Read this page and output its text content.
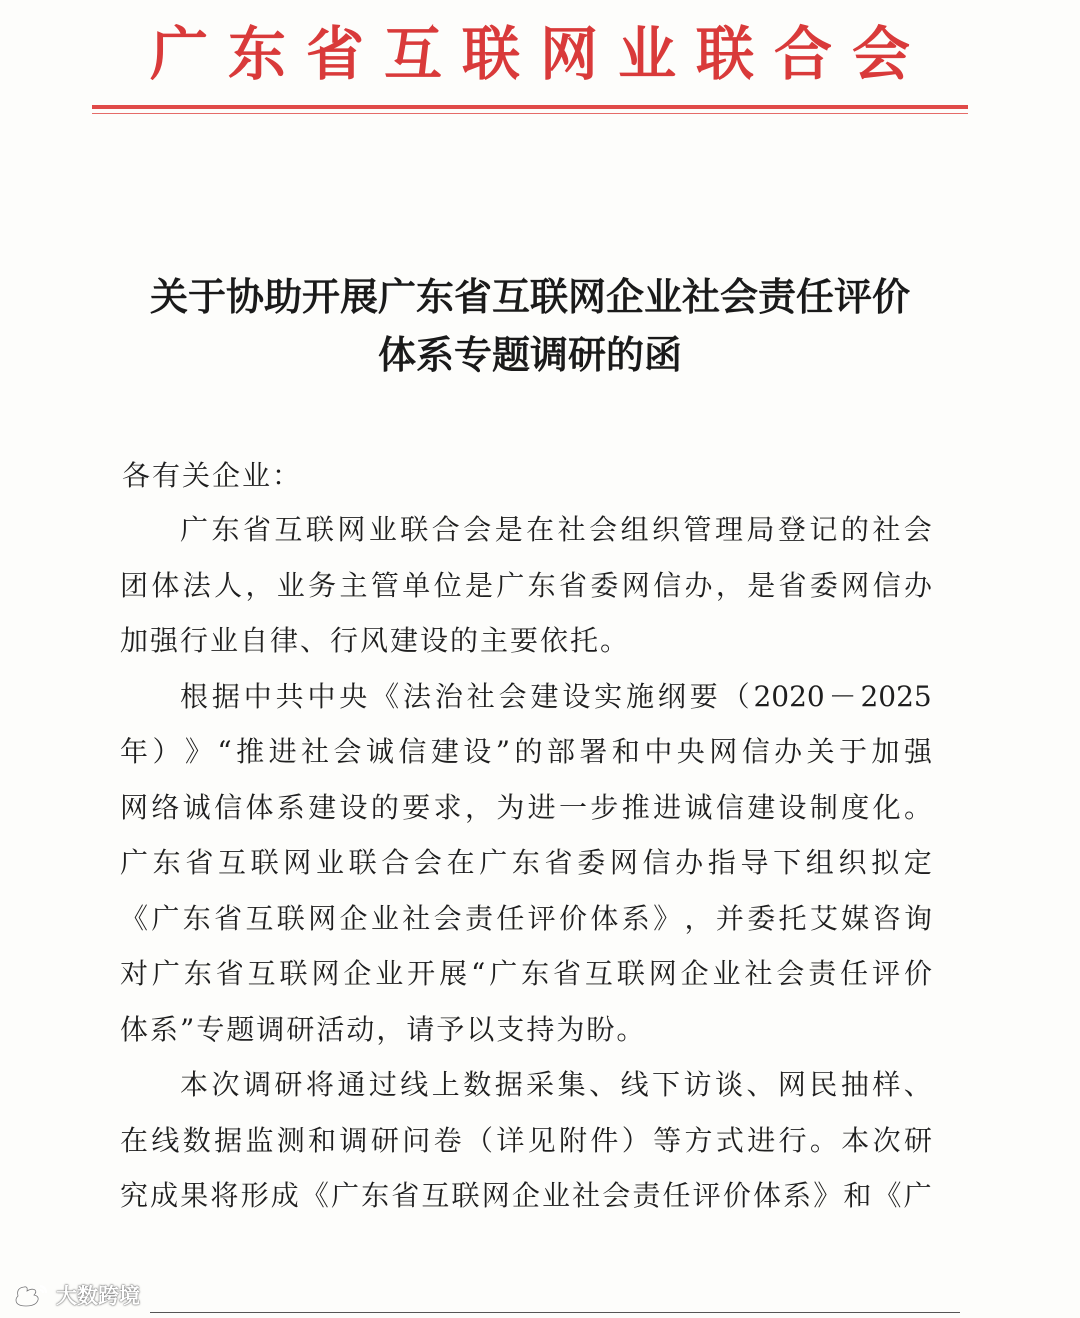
广东省互联网业联合会
关于协助开展广东省互联网企业社会责任评价
体系专题调研的函
各有关企业：
广 东 省 互 联 网 业 联 合 会 是 在 社 会 组 织 管 理 局 登 记 的 社 会
团 体 法 人 ， 业 务 主 管 单 位 是 广 东 省 委 网 信 办 ， 是 省 委 网 信 办
加强行业自律、行风建设的主要依托。
根 据 中 共 中 央 《 法 治 社 会 建 设 实 施 纲 要 （ 2020 － 2025
年 ） 》 “ 推 进 社 会 诚 信 建 设 ” 的 部 署 和 中 央 网 信 办 关 于 加 强
网 络 诚 信 体 系 建 设 的 要 求 ， 为 进 一 步 推 进 诚 信 建 设 制 度 化 。
广 东 省 互 联 网 业 联 合 会 在 广 东 省 委 网 信 办 指 导 下 组 织 拟 定
《 广 东 省 互 联 网 企 业 社 会 责 任 评 价 体 系 》 ， 并 委 托 艾 媒 咨 询
对 广 东 省 互 联 网 企 业 开 展 “ 广 东 省 互 联 网 企 业 社 会 责 任 评 价
体系”专题调研活动，请予以支持为盼。
本 次 调 研 将 通 过 线 上 数 据 采 集 、 线 下 访 谈 、 网 民 抽 样 、
在 线 数 据 监 测 和 调 研 问 卷 （ 详 见 附 件 ） 等 方 式 进 行 。 本 次 研
究 成 果 将 形 成 《 广 东 省 互 联 网 企 业 社 会 责 任 评 价 体 系 》 和 《 广
大数跨境
